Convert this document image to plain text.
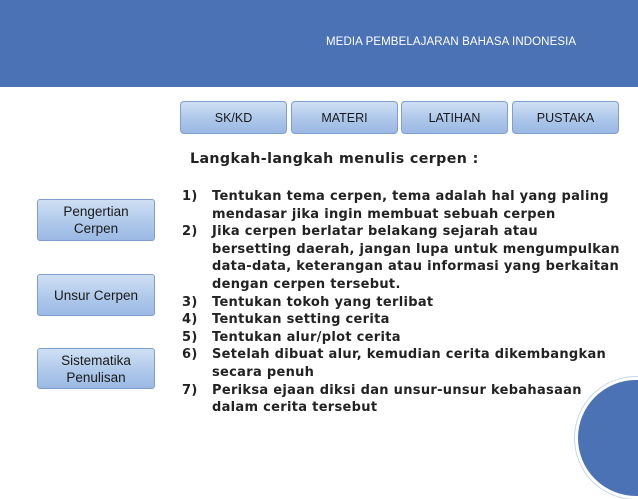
MEDIA PEMBELAJARAN BAHASA INDONESIA
SK/KD	MATERI	LATIHAN	PUSTAKA
Pengertian Cerpen
Unsur Cerpen
Sistematika Penulisan
Langkah-langkah menulis cerpen :
1) Tentukan tema cerpen, tema adalah hal yang paling mendasar jika ingin membuat sebuah cerpen
2) Jika cerpen berlatar belakang sejarah atau bersetting daerah, jangan lupa untuk mengumpulkan data-data, keterangan atau informasi yang berkaitan dengan cerpen tersebut.
3) Tentukan tokoh yang terlibat
4) Tentukan setting cerita
5) Tentukan alur/plot cerita
6) Setelah dibuat alur, kemudian cerita dikembangkan secara penuh
7) Periksa ejaan diksi dan unsur-unsur kebahasaan dalam cerita tersebut
